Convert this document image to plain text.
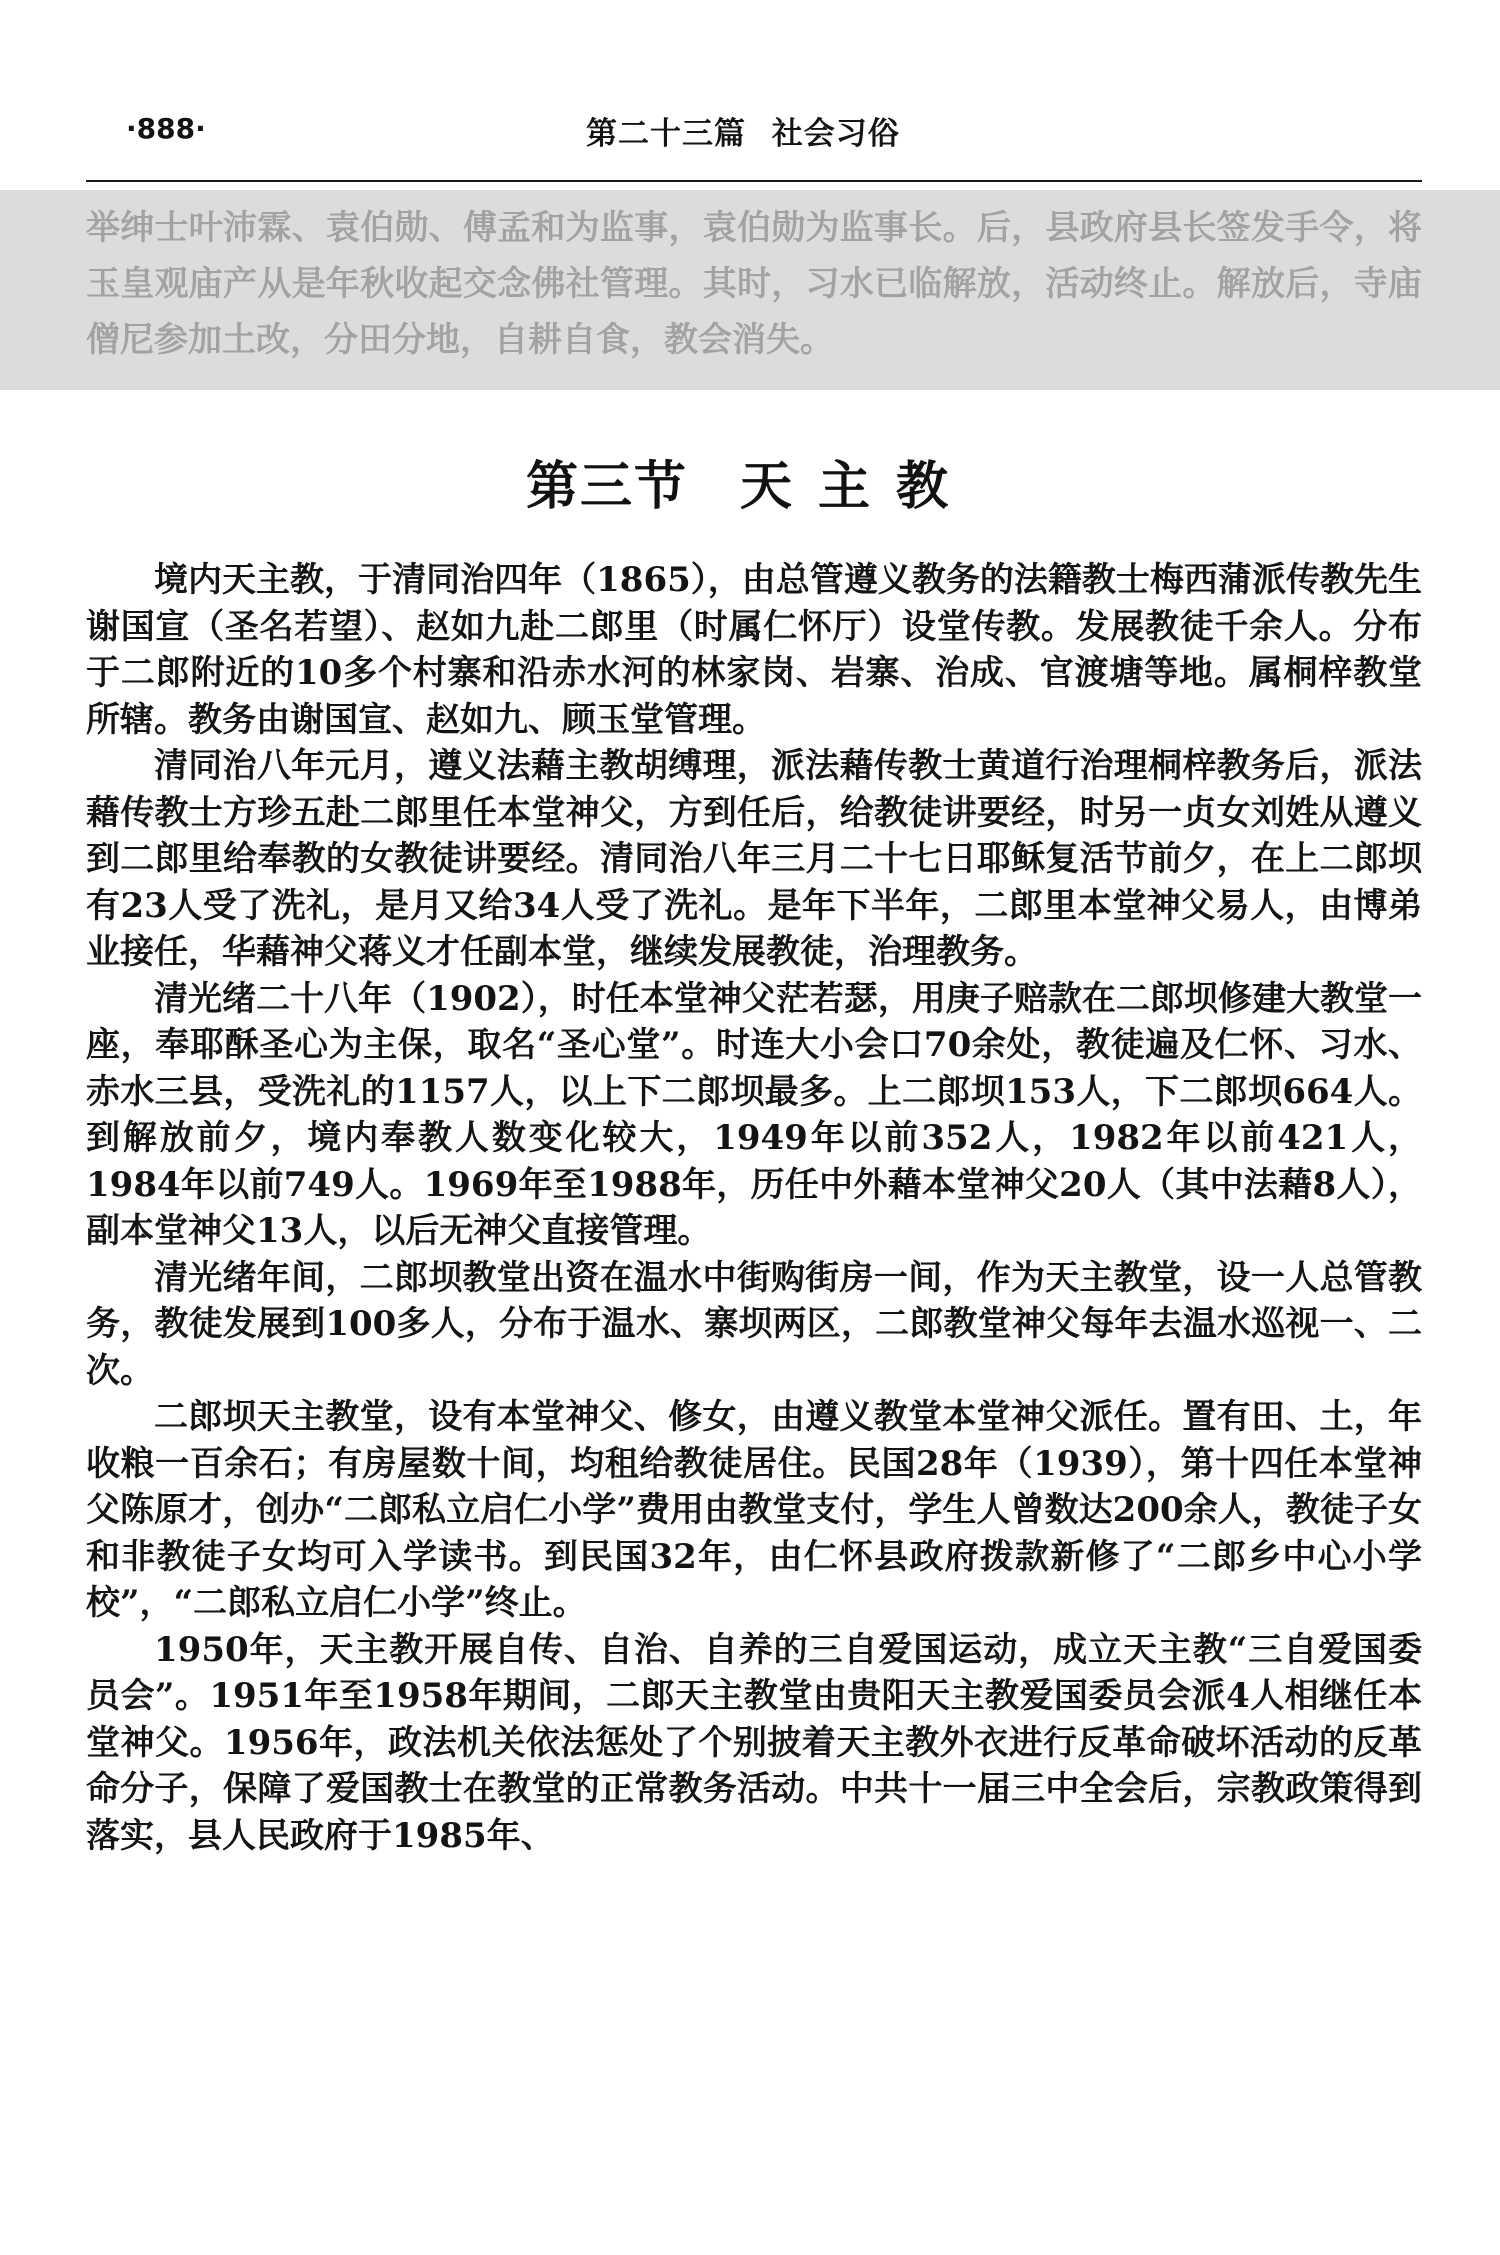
·888·	第二十三篇 社会习俗

举绅士叶沛霖、袁伯勋、傅孟和为监事，袁伯勋为监事长。后，县政府县长签发手令，将玉皇观庙产从是年秋收起交念佛社管理。其时，习水已临解放，活动终止。解放后，寺庙僧尼参加土改，分田分地，自耕自食，教会消失。

第三节 天主教

境内天主教，于清同治四年（1865），由总管遵义教务的法籍教士梅西蒲派传教先生谢国宣（圣名若望）、赵如九赴二郎里（时属仁怀厅）设堂传教。发展教徒千余人。分布于二郎附近的10多个村寨和沿赤水河的林家岗、岩寨、治成、官渡塘等地。属桐梓教堂所辖。教务由谢国宣、赵如九、顾玉堂管理。

清同治八年元月，遵义法藉主教胡缚理，派法藉传教士黄道行治理桐梓教务后，派法藉传教士方珍五赴二郎里任本堂神父，方到任后，给教徒讲要经，时另一贞女刘姓从遵义到二郎里给奉教的女教徒讲要经。清同治八年三月二十七日耶稣复活节前夕，在上二郎坝有23人受了洗礼，是月又给34人受了洗礼。是年下半年，二郎里本堂神父易人，由博弟业接任，华藉神父蒋义才任副本堂，继续发展教徒，治理教务。

清光绪二十八年（1902），时任本堂神父茫若瑟，用庚子赔款在二郎坝修建大教堂一座，奉耶酥圣心为主保，取名“圣心堂”。时连大小会口70余处，教徒遍及仁怀、习水、赤水三县，受洗礼的1157人，以上下二郎坝最多。上二郎坝153人，下二郎坝664人。到解放前夕，境内奉教人数变化较大，1949年以前352人，1982年以前421人，1984年以前749人。1969年至1988年，历任中外藉本堂神父20人（其中法藉8人），副本堂神父13人，以后无神父直接管理。

清光绪年间，二郎坝教堂出资在温水中街购街房一间，作为天主教堂，设一人总管教务，教徒发展到100多人，分布于温水、寨坝两区，二郎教堂神父每年去温水巡视一、二次。

二郎坝天主教堂，设有本堂神父、修女，由遵义教堂本堂神父派任。置有田、土，年收粮一百余石；有房屋数十间，均租给教徒居住。民国28年（1939），第十四任本堂神父陈原才，创办“二郎私立启仁小学”费用由教堂支付，学生人曾数达200余人，教徒子女和非教徒子女均可入学读书。到民国32年，由仁怀县政府拨款新修了“二郎乡中心小学校”，“二郎私立启仁小学”终止。

1950年，天主教开展自传、自治、自养的三自爱国运动，成立天主教“三自爱国委员会”。1951年至1958年期间，二郎天主教堂由贵阳天主教爱国委员会派4人相继任本堂神父。1956年，政法机关依法惩处了个别披着天主教外衣进行反革命破坏活动的反革命分子，保障了爱国教士在教堂的正常教务活动。中共十一届三中全会后，宗教政策得到落实，县人民政府于1985年、
